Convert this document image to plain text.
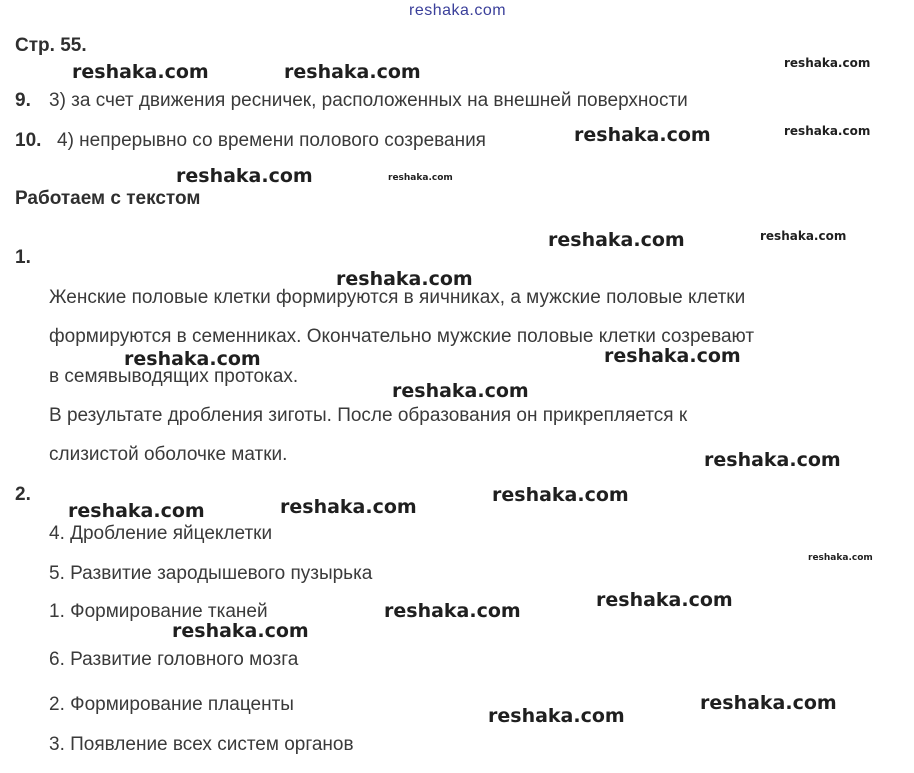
reshaka.com
Стр. 55.
9. 3) за счет движения ресничек, расположенных на внешней поверхности
10. 4) непрерывно со времени полового созревания
Работаем с текстом
1.
Женские половые клетки формируются в яичниках, а мужские половые клетки
формируются в семенниках. Окончательно мужские половые клетки созревают
в семявыводящих протоках.
В результате дробления зиготы. После образования он прикрепляется к
слизистой оболочке матки.
2.
4. Дробление яйцеклетки
5. Развитие зародышевого пузырька
1. Формирование тканей
6. Развитие головного мозга
2. Формирование плаценты
3. Появление всех систем органов
reshaka.com	reshaka.com
reshaka.com
reshaka.com
reshaka.com
reshaka.com
reshaka.com	reshaka.com
reshaka.com
reshaka.com
reshaka.com
reshaka.com	reshaka.com
reshaka.com
reshaka.com
reshaka.com
reshaka.com
reshaka.com
reshaka.com
reshaka.com
reshaka.com
reshaka.com
reshaka.com
